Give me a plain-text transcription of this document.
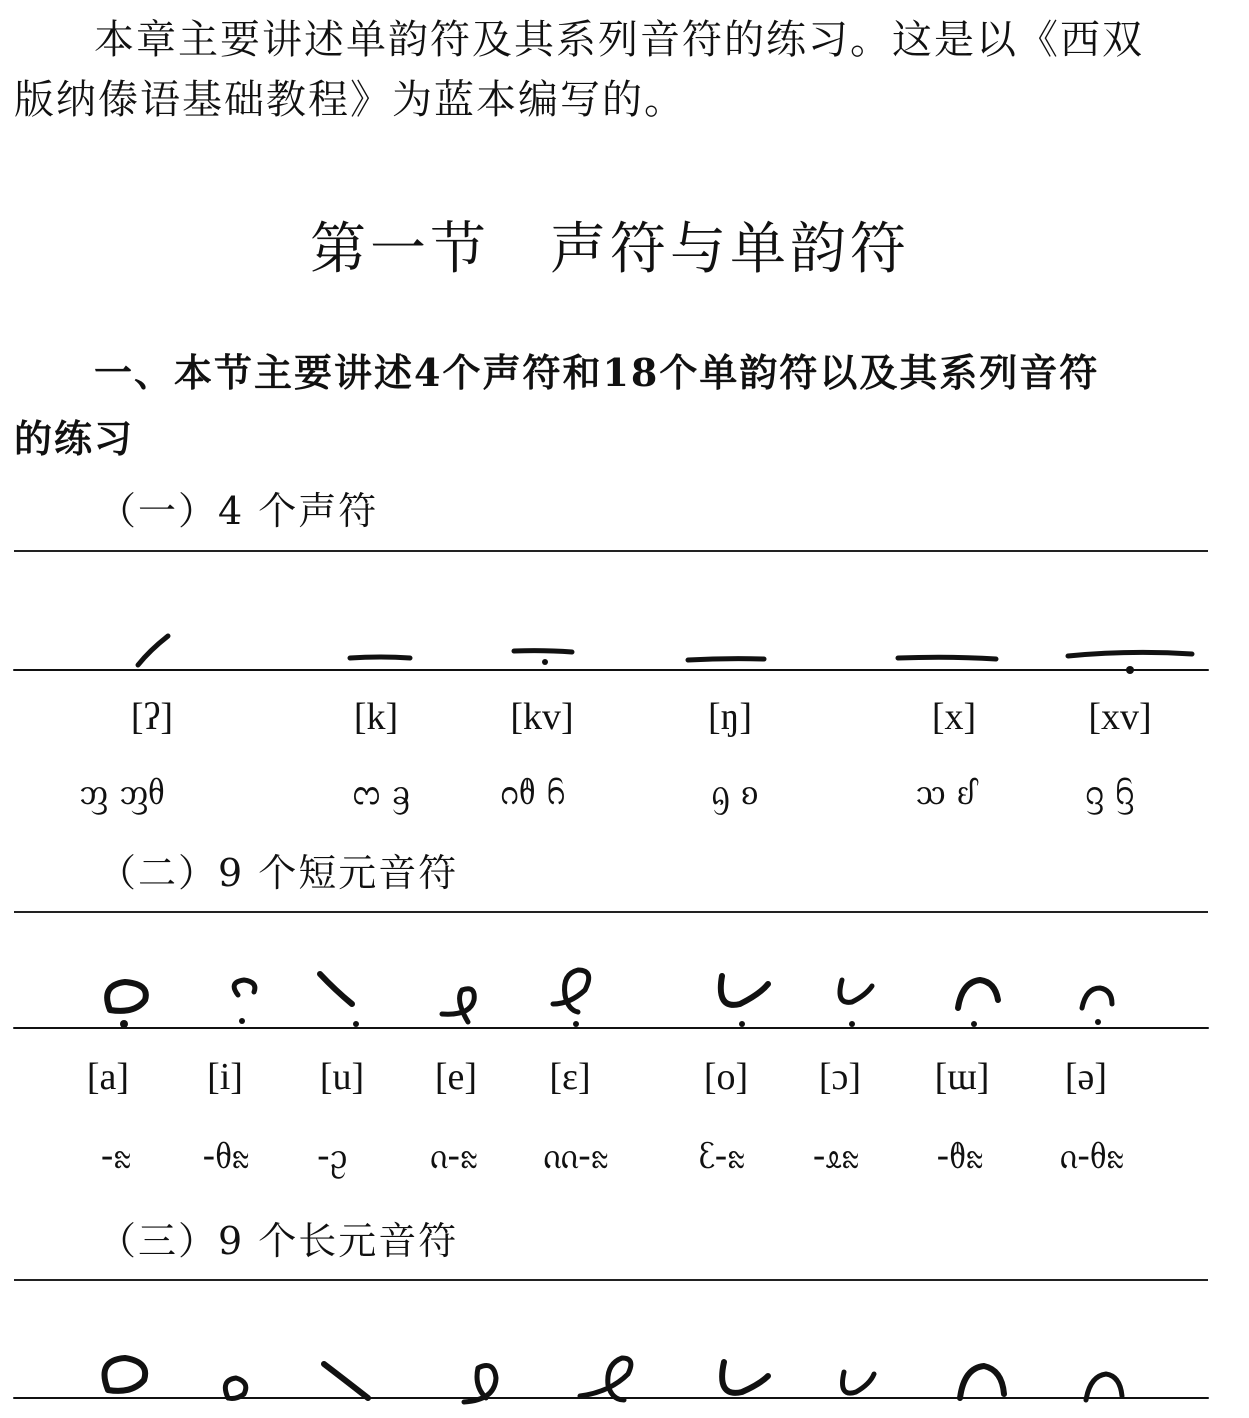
本章主要讲述单韵符及其系列音符的练习。这是以《西双
版纳傣语基础教程》为蓝本编写的。
第一节　声符与单韵符
一、本节主要讲述4个声符和18个单韵符以及其系列音符
的练习
（一）4 个声符
[ʔ]	[k]	[kv]	[ŋ]	[x]	[xv]
ᦀ ᦀᦲ	ᦂ ᦃ	ᦅᦹ ᦆ	ᦇ ᦈ	ᦉ ᦊ	ᦋ ᦌ
（二）9 个短元音符
[a]	[i]	[u]	[e]	[ɛ]	[o]	[ɔ]	[ɯ]	[ə]
-ᦰ	-ᦲᦰ	-ᦳ	ᦵ-ᦰ	ᦶ-ᦰ	ᦷ-ᦰ	-ᦸᦰ	-ᦹᦰ	ᦵ-ᦲᦰ
（三）9 个长元音符
